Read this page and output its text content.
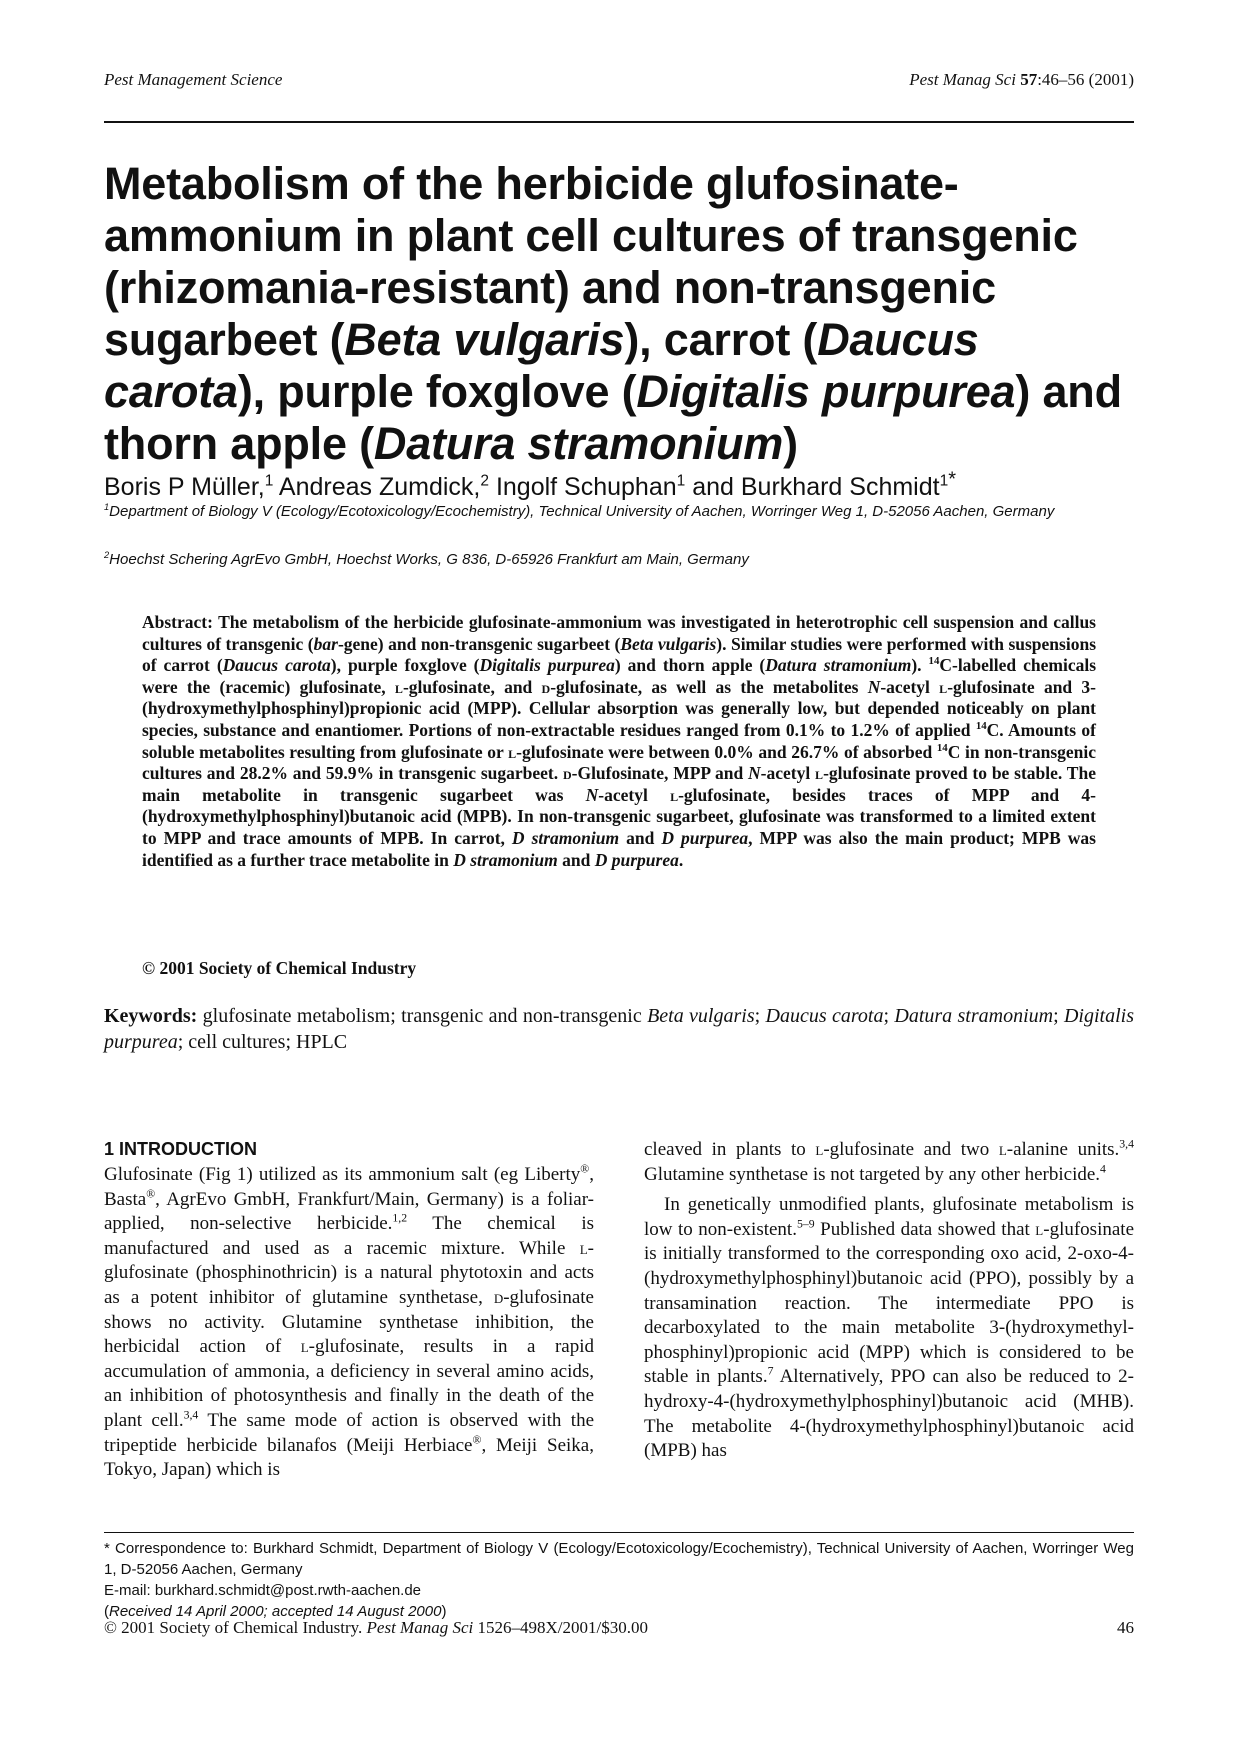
Pest Management Science	Pest Manag Sci 57:46–56 (2001)
Metabolism of the herbicide glufosinate-ammonium in plant cell cultures of transgenic (rhizomania-resistant) and non-transgenic sugarbeet (Beta vulgaris), carrot (Daucus carota), purple foxglove (Digitalis purpurea) and thorn apple (Datura stramonium)
Boris P Müller,$^1$ Andreas Zumdick,$^2$ Ingolf Schuphan$^1$ and Burkhard Schmidt$^{1*}$
$^1$Department of Biology V (Ecology/Ecotoxicology/Ecochemistry), Technical University of Aachen, Worringer Weg 1, D-52056 Aachen, Germany
$^2$Hoechst Schering AgrEvo GmbH, Hoechst Works, G 836, D-65926 Frankfurt am Main, Germany

Abstract: The metabolism of the herbicide glufosinate-ammonium was investigated in heterotrophic cell suspension and callus cultures of transgenic (bar-gene) and non-transgenic sugarbeet (Beta vulgaris). Similar studies were performed with suspensions of carrot (Daucus carota), purple foxglove (Digitalis purpurea) and thorn apple (Datura stramonium). $^{14}$C-labelled chemicals were the (racemic) glufosinate, l-glufosinate, and d-glufosinate, as well as the metabolites N-acetyl l-glufosinate and 3-(hydroxymethylphosphinyl)propionic acid (MPP). Cellular absorption was generally low, but depended noticeably on plant species, substance and enantiomer. Portions of non-extractable residues ranged from 0.1% to 1.2% of applied $^{14}$C. Amounts of soluble metabolites resulting from glufosinate or l-glufosinate were between 0.0% and 26.7% of absorbed $^{14}$C in non-transgenic cultures and 28.2% and 59.9% in transgenic sugarbeet. d-Glufosinate, MPP and N-acetyl l-glufosinate proved to be stable. The main metabolite in transgenic sugarbeet was N-acetyl l-glufosinate, besides traces of MPP and 4-(hydroxymethylphosphinyl)butanoic acid (MPB). In non-transgenic sugarbeet, glufosinate was transformed to a limited extent to MPP and trace amounts of MPB. In carrot, D stramonium and D purpurea, MPP was also the main product; MPB was identified as a further trace metabolite in D stramonium and D purpurea.

© 2001 Society of Chemical Industry

Keywords: glufosinate metabolism; transgenic and non-transgenic Beta vulgaris; Daucus carota; Datura stramonium; Digitalis purpurea; cell cultures; HPLC

1 INTRODUCTION

Glufosinate (Fig 1) utilized as its ammonium salt (eg Liberty®, Basta®, AgrEvo GmbH, Frankfurt/Main, Germany) is a foliar-applied, non-selective herbicide.$^{1,2}$ The chemical is manufactured and used as a racemic mixture. While l-glufosinate (phosphinothricin) is a natural phytotoxin and acts as a potent inhibitor of glutamine synthetase, d-glufosinate shows no activity. Glutamine synthetase inhibition, the herbicidal action of l-glufosinate, results in a rapid accumulation of ammonia, a deficiency in several amino acids, an inhibition of photosynthesis and finally in the death of the plant cell.$^{3,4}$ The same mode of action is observed with the tripeptide herbicide bilanafos (Meiji Herbiace®, Meiji Seika, Tokyo, Japan) which is

cleaved in plants to l-glufosinate and two l-alanine units.$^{3,4}$ Glutamine synthetase is not targeted by any other herbicide.$^4$

In genetically unmodified plants, glufosinate metabolism is low to non-existent.$^{5-9}$ Published data showed that l-glufosinate is initially transformed to the corresponding oxo acid, 2-oxo-4-(hydroxymethylphosphinyl)butanoic acid (PPO), possibly by a transamination reaction. The intermediate PPO is decarboxylated to the main metabolite 3-(hydroxymethyl-phosphinyl)propionic acid (MPP) which is considered to be stable in plants.$^7$ Alternatively, PPO can also be reduced to 2-hydroxy-4-(hydroxymethylphosphinyl)butanoic acid (MHB). The metabolite 4-(hydroxymethylphosphinyl)butanoic acid (MPB) has

* Correspondence to: Burkhard Schmidt, Department of Biology V (Ecology/Ecotoxicology/Ecochemistry), Technical University of Aachen, Worringer Weg 1, D-52056 Aachen, Germany

E-mail: burkhard.schmidt@post.rwth-aachen.de

(Received 14 April 2000; accepted 14 August 2000)

© 2001 Society of Chemical Industry. Pest Manag Sci 1526–498X/2001/$30.00	46
